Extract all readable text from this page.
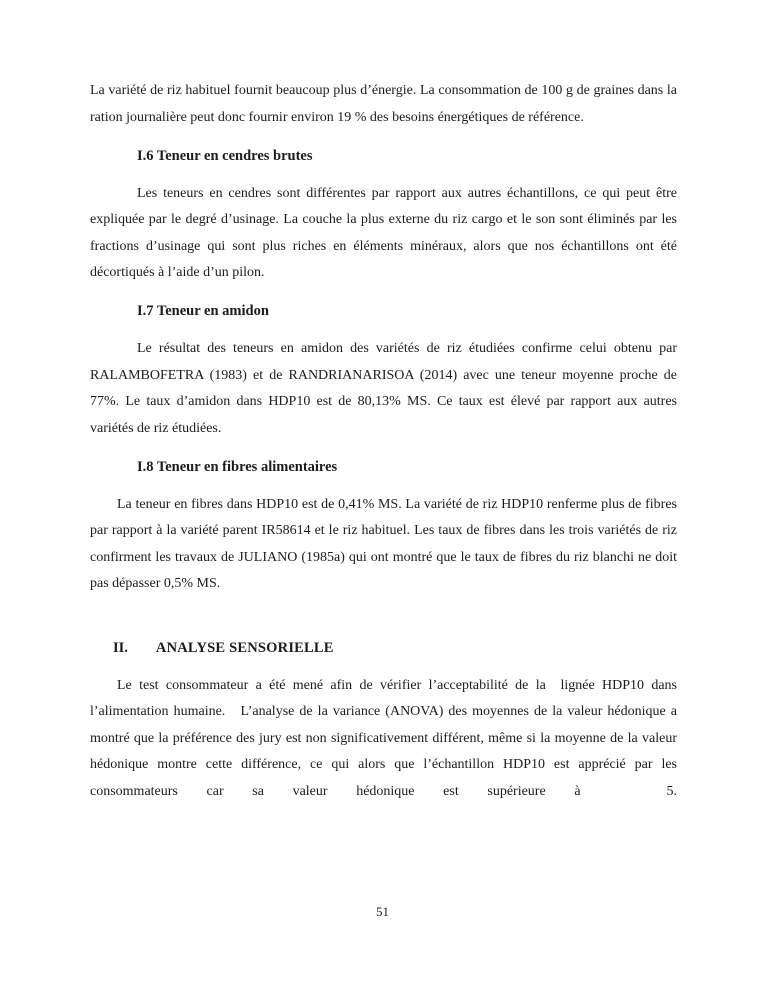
La variété de riz habituel fournit beaucoup plus d’énergie. La consommation de 100 g de graines dans la ration journalière peut donc fournir environ 19 % des besoins énergétiques de référence.

I.6 Teneur en cendres brutes

Les teneurs en cendres sont différentes par rapport aux autres échantillons, ce qui peut être expliquée par le degré d’usinage. La couche la plus externe du riz cargo et le son sont éliminés par les fractions d’usinage qui sont plus riches en éléments minéraux, alors que nos échantillons ont été décortiqués à l’aide d’un pilon.

I.7 Teneur en amidon

Le résultat des teneurs en amidon des variétés de riz étudiées confirme celui obtenu par RALAMBOFETRA (1983) et de RANDRIANARISOA (2014) avec une teneur moyenne proche de 77%. Le taux d’amidon dans HDP10 est de 80,13% MS. Ce taux est élevé par rapport aux autres variétés de riz étudiées.

I.8 Teneur en fibres alimentaires

La teneur en fibres dans HDP10 est de 0,41% MS. La variété de riz HDP10 renferme plus de fibres par rapport à la variété parent IR58614 et le riz habituel. Les taux de fibres dans les trois variétés de riz confirment les travaux de JULIANO (1985a) qui ont montré que le taux de fibres du riz blanchi ne doit pas dépasser 0,5% MS.

II. ANALYSE SENSORIELLE

Le test consommateur a été mené afin de vérifier l’acceptabilité de la  lignée HDP10 dans l’alimentation humaine.   L’analyse de la variance (ANOVA) des moyennes de la valeur hédonique a montré que la préférence des jury est non significativement différent, même si la moyenne de la valeur hédonique montre cette différence, ce qui alors que l’échantillon HDP10 est apprécié par les consommateurs car sa valeur hédonique est supérieure à   5.

51
